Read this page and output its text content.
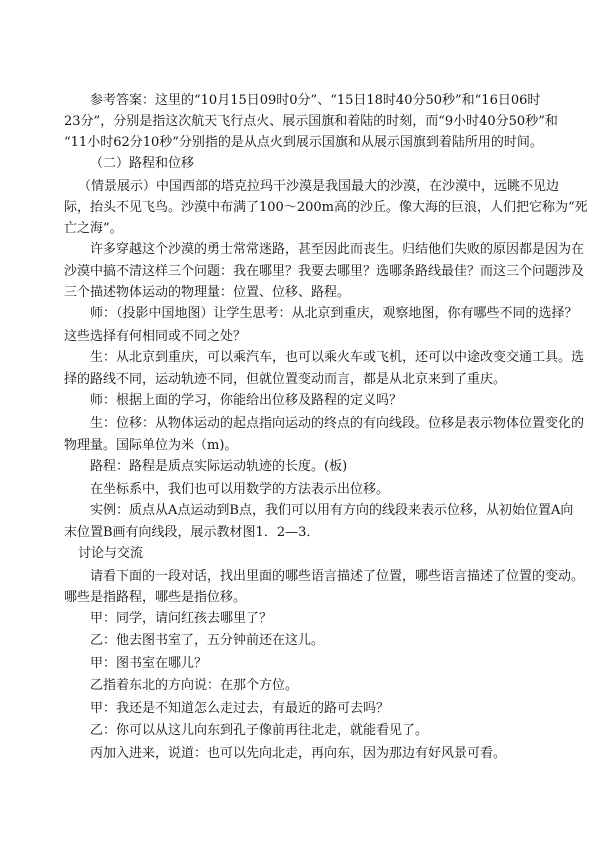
参考答案：这里的“10月15日09时0分”、“15日18时40分50秒”和“16日06时

23分”，分别是指这次航天飞行点火、展示国旗和着陆的时刻，而“9小时40分50秒”和

“11小时62分10秒”分别指的是从点火到展示国旗和从展示国旗到着陆所用的时间。

（二）路程和位移

（情景展示）中国西部的塔克拉玛干沙漠是我国最大的沙漠，在沙漠中，远眺不见边

际，抬头不见飞鸟。沙漠中布满了100～200m高的沙丘。像大海的巨浪，人们把它称为“死

亡之海”。

许多穿越这个沙漠的勇士常常迷路，甚至因此而丧生。归结他们失败的原因都是因为在

沙漠中搞不清这样三个问题：我在哪里？我要去哪里？选哪条路线最佳？而这三个问题涉及

三个描述物体运动的物理量：位置、位移、路程。

师：（投影中国地图）让学生思考：从北京到重庆，观察地图，你有哪些不同的选择？

这些选择有何相同或不同之处？

生：从北京到重庆，可以乘汽车，也可以乘火车或飞机，还可以中途改变交通工具。选

择的路线不同，运动轨迹不同，但就位置变动而言，都是从北京来到了重庆。

师：根据上面的学习，你能给出位移及路程的定义吗？

生：位移：从物体运动的起点指向运动的终点的有向线段。位移是表示物体位置变化的

物理量。国际单位为米（m)。

路程：路程是质点实际运动轨迹的长度。(板)

在坐标系中，我们也可以用数学的方法表示出位移。

实例：质点从A点运动到B点，我们可以用有方向的线段来表示位移，从初始位置A向

末位置B画有向线段，展示教材图1．2—3．

讨论与交流

请看下面的一段对话，找出里面的哪些语言描述了位置，哪些语言描述了位置的变动。

哪些是指路程，哪些是指位移。

甲：同学，请问红孩去哪里了？

乙：他去图书室了，五分钟前还在这儿。

甲：图书室在哪儿？

乙指着东北的方向说：在那个方位。

甲：我还是不知道怎么走过去，有最近的路可去吗？

乙：你可以从这儿向东到孔子像前再往北走，就能看见了。

丙加入进来，说道：也可以先向北走，再向东，因为那边有好风景可看。
